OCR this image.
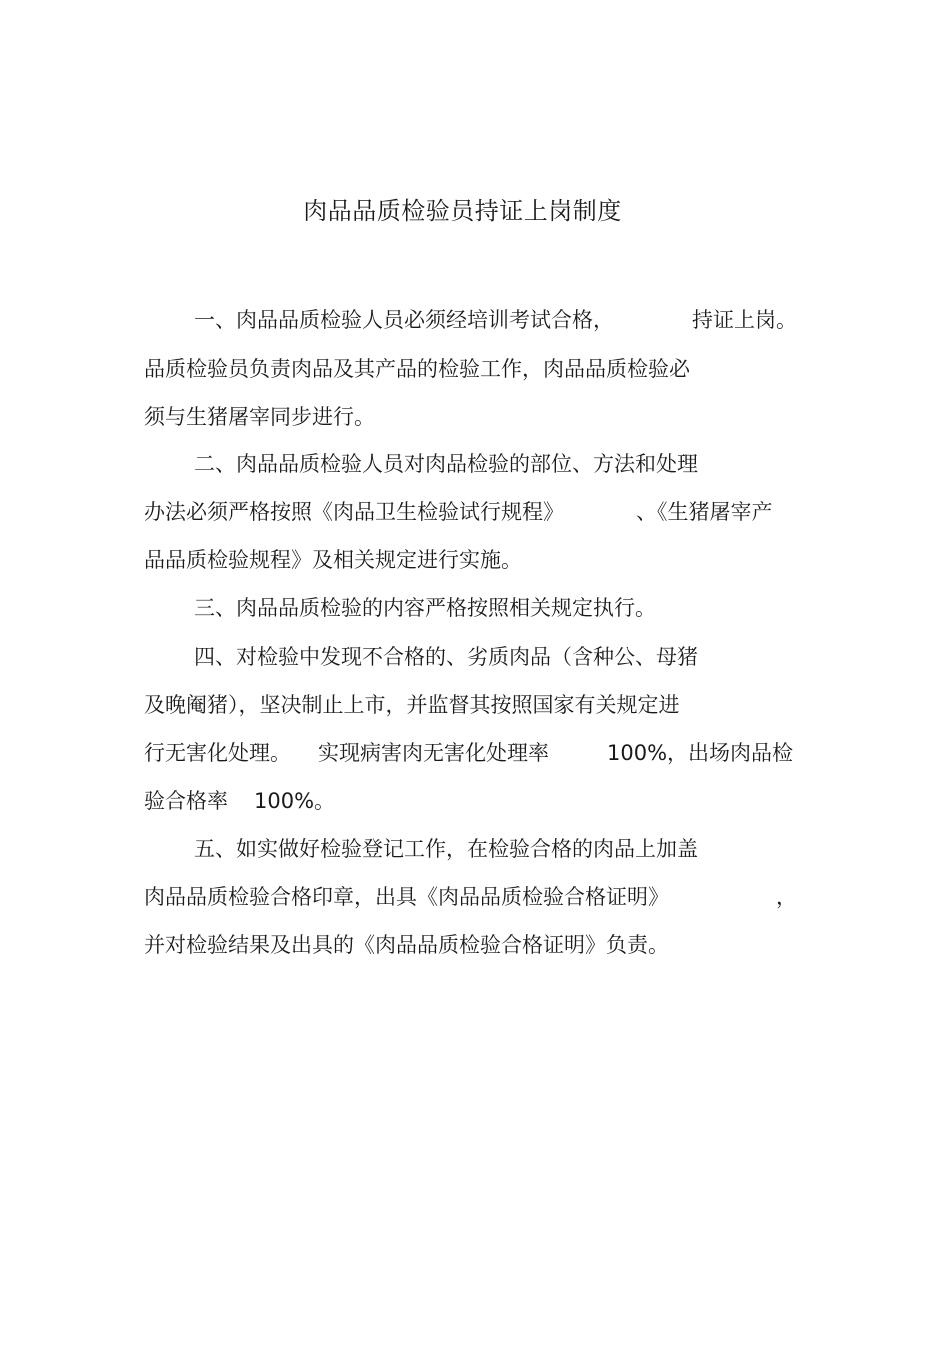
肉品品质检验员持证上岗制度
一、肉品品质检验人员必须经培训考试合格，	持证上岗。
品质检验员负责肉品及其产品的检验工作，肉品品质检验必
须与生猪屠宰同步进行。
二、肉品品质检验人员对肉品检验的部位、方法和处理
办法必须严格按照《肉品卫生检验试行规程》	、《生猪屠宰产
品品质检验规程》及相关规定进行实施。
三、肉品品质检验的内容严格按照相关规定执行。
四、对检验中发现不合格的、劣质肉品（含种公、母猪
及晚阉猪），坚决制止上市，并监督其按照国家有关规定进
行无害化处理。 实现病害肉无害化处理率	100%，出场肉品检
验合格率 100%。
五、如实做好检验登记工作，在检验合格的肉品上加盖
肉品品质检验合格印章，出具《肉品品质检验合格证明》	，
并对检验结果及出具的《肉品品质检验合格证明》负责。
